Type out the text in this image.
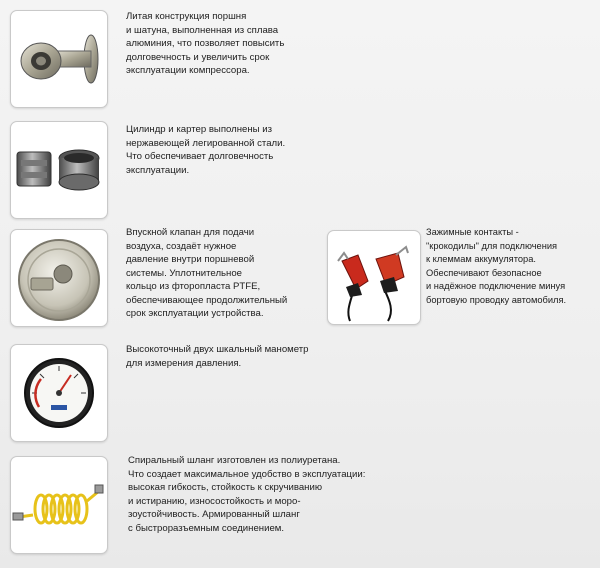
Литая конструкция поршня
и шатуна, выполненная из сплава
алюминия, что позволяет повысить
долговечность и увеличить срок
эксплуатации компрессора.
Цилиндр и картер выполнены из
нержавеющей легированной стали.
Что обеспечивает долговечность
эксплуатации.
Впускной клапан для подачи
воздуха, создаёт нужное
давление внутри поршневой
системы. Уплотнительное
кольцо из фторопласта PTFE,
обеспечивающее продолжительный
срок эксплуатации устройства.
Зажимные контакты -
"крокодилы" для подключения
к клеммам аккумулятора.
Обеспечивают безопасное
и надёжное подключение минуя
бортовую проводку автомобиля.
Высокоточный двух шкальный манометр
для измерения давления.
Спиральный шланг изготовлен из полиуретана.
Что создает максимальное удобство в эксплуатации:
высокая гибкость, стойкость к скручиванию
и истиранию, износостойкость и моро-
зоустойчивость. Армированный шланг
с быстроразъемным соединением.
